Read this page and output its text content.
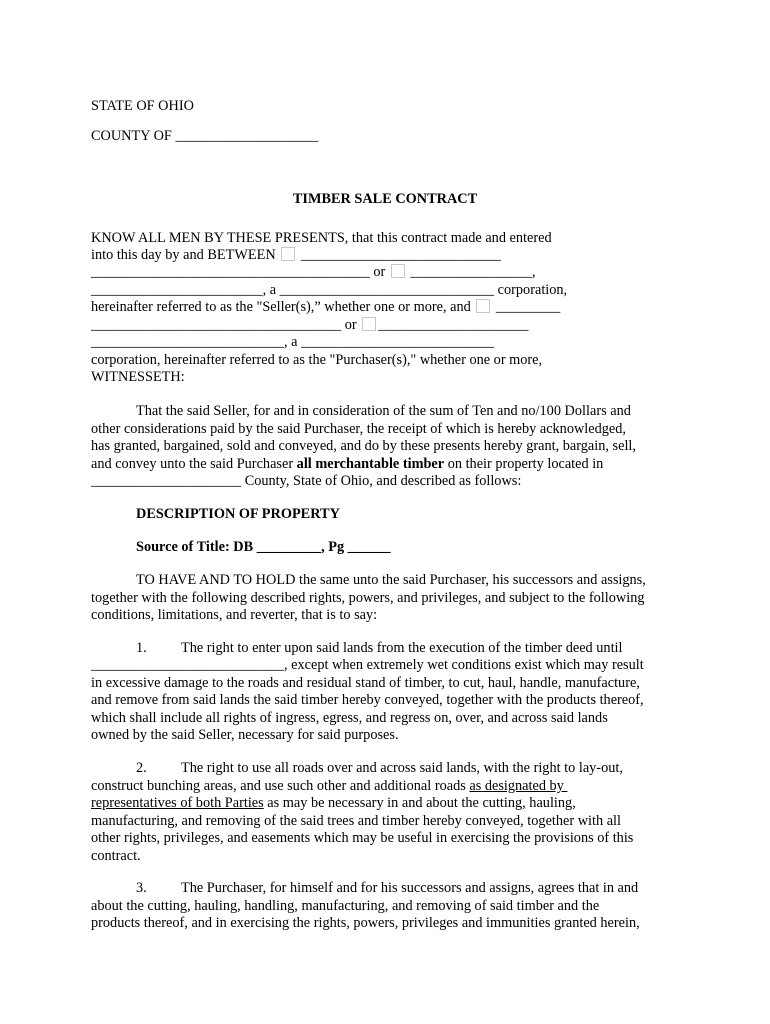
STATE OF OHIO
COUNTY OF ____________________
TIMBER SALE CONTRACT
KNOW ALL MEN BY THESE PRESENTS, that this contract made and entered
into this day by and BETWEEN ____________________________
_______________________________________ or _________________,
________________________, a ______________________________ corporation,
hereinafter referred to as the "Seller(s),” whether one or more, and _________
___________________________________ or _____________________
___________________________, a ___________________________
corporation, hereinafter referred to as the "Purchaser(s)," whether one or more,
WITNESSETH:
That the said Seller, for and in consideration of the sum of Ten and no/100 Dollars and
other considerations paid by the said Purchaser, the receipt of which is hereby acknowledged,
has granted, bargained, sold and conveyed, and do by these presents hereby grant, bargain, sell,
and convey unto the said Purchaser all merchantable timber on their property located in
_____________________ County, State of Ohio, and described as follows:
DESCRIPTION OF PROPERTY
Source of Title: DB _________, Pg ______
TO HAVE AND TO HOLD the same unto the said Purchaser, his successors and assigns,
together with the following described rights, powers, and privileges, and subject to the following
conditions, limitations, and reverter, that is to say:
1. The right to enter upon said lands from the execution of the timber deed until
___________________________, except when extremely wet conditions exist which may result
in excessive damage to the roads and residual stand of timber, to cut, haul, handle, manufacture,
and remove from said lands the said timber hereby conveyed, together with the products thereof,
which shall include all rights of ingress, egress, and regress on, over, and across said lands
owned by the said Seller, necessary for said purposes.
2. The right to use all roads over and across said lands, with the right to lay-out,
construct bunching areas, and use such other and additional roads as designated by
representatives of both Parties as may be necessary in and about the cutting, hauling,
manufacturing, and removing of the said trees and timber hereby conveyed, together with all
other rights, privileges, and easements which may be useful in exercising the provisions of this
contract.
3. The Purchaser, for himself and for his successors and assigns, agrees that in and
about the cutting, hauling, handling, manufacturing, and removing of said timber and the
products thereof, and in exercising the rights, powers, privileges and immunities granted herein,
